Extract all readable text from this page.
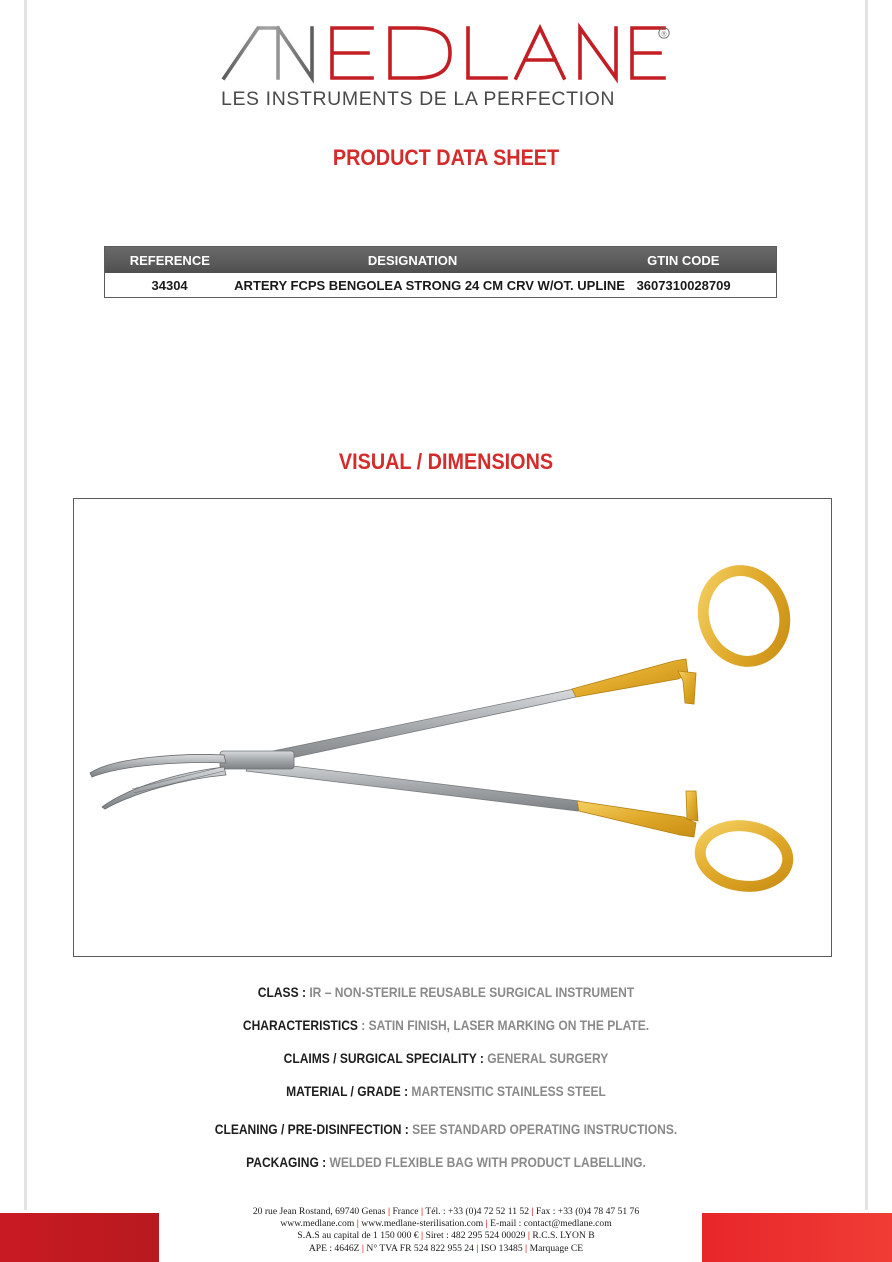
®
LES INSTRUMENTS DE LA PERFECTION
PRODUCT DATA SHEET
REFERENCE	DESIGNATION	GTIN CODE
34304	ARTERY FCPS BENGOLEA STRONG 24 CM CRV W/OT. UPLINE 3607310028709
VISUAL / DIMENSIONS
CLASS : IR – NON-STERILE REUSABLE SURGICAL INSTRUMENT
CHARACTERISTICS : SATIN FINISH, LASER MARKING ON THE PLATE.
CLAIMS / SURGICAL SPECIALITY : GENERAL SURGERY
MATERIAL / GRADE : MARTENSITIC STAINLESS STEEL
CLEANING / PRE-DISINFECTION : SEE STANDARD OPERATING INSTRUCTIONS.
PACKAGING : WELDED FLEXIBLE BAG WITH PRODUCT LABELLING.
20 rue Jean Rostand, 69740 Genas | France | Tél. : +33 (0)4 72 52 11 52 | Fax : +33 (0)4 78 47 51 76
www.medlane.com | www.medlane-sterilisation.com | E-mail : contact@medlane.com
S.A.S au capital de 1 150 000 € | Siret : 482 295 524 00029 | R.C.S. LYON B
APE : 4646Z | N° TVA FR 524 822 955 24 | ISO 13485 | Marquage CE
